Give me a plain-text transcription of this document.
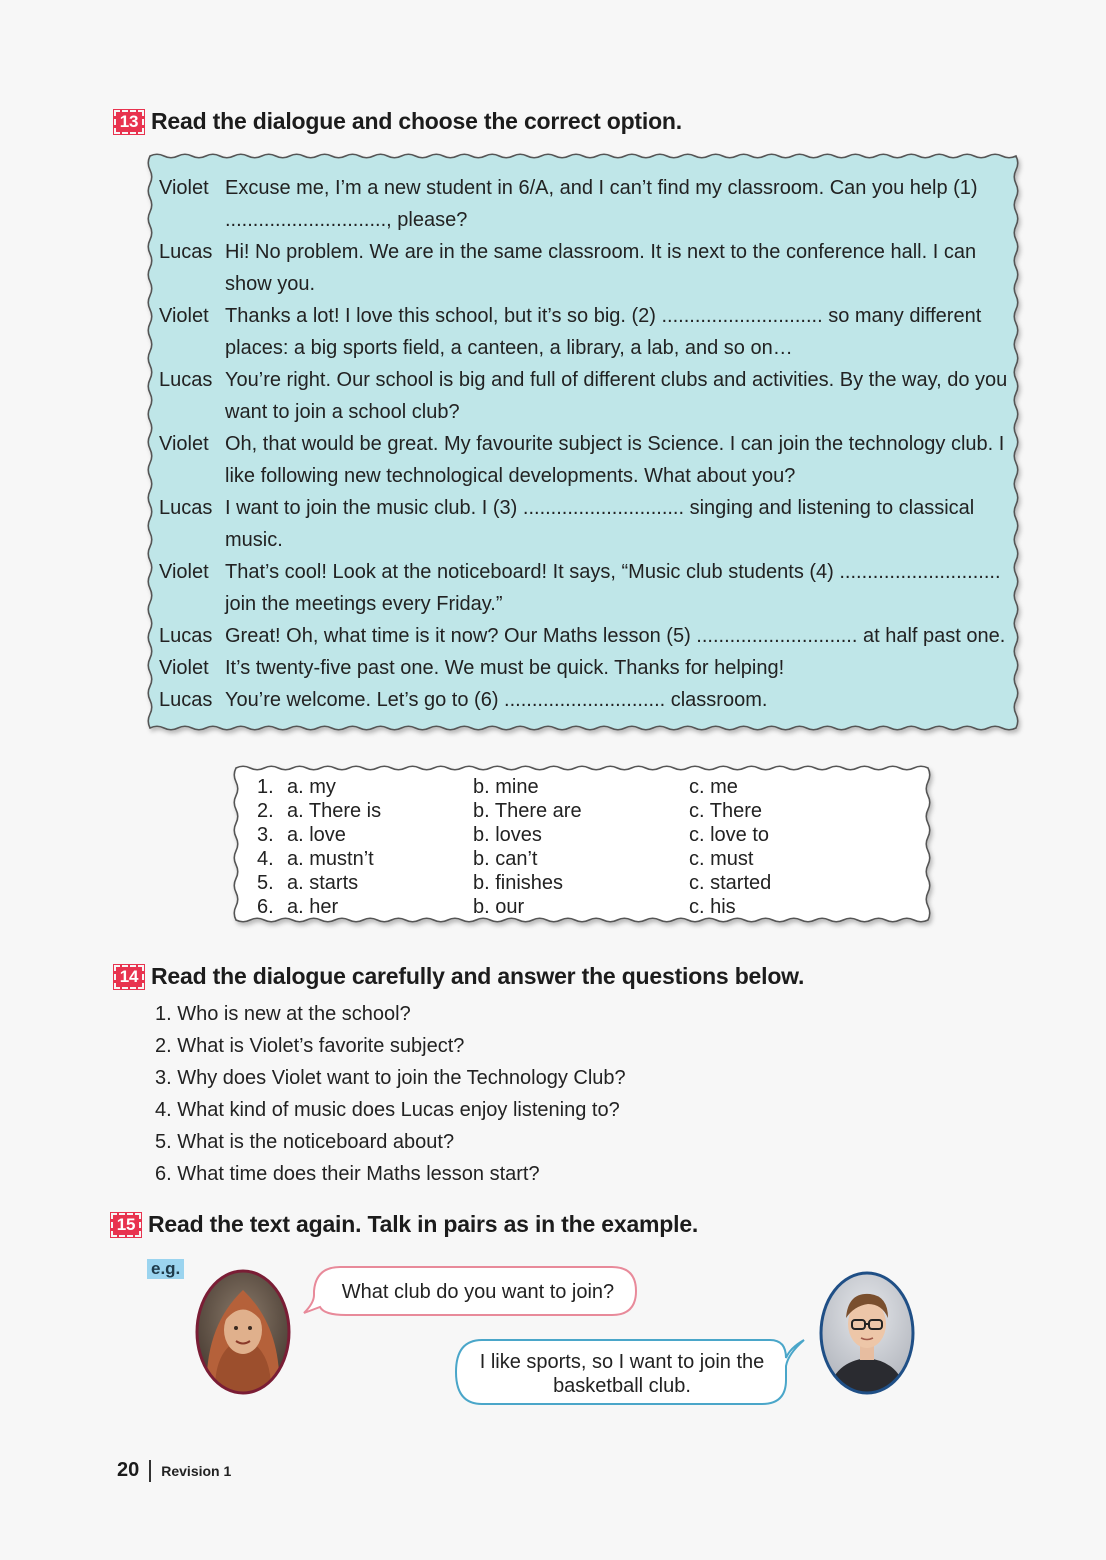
13 Read the dialogue and choose the correct option.
Violet Excuse me, I’m a new student in 6/A, and I can’t find my classroom. Can you help (1) ............................., please?
Lucas Hi! No problem. We are in the same classroom. It is next to the conference hall. I can show you.
Violet Thanks a lot! I love this school, but it’s so big. (2) ............................. so many different places: a big sports field, a canteen, a library, a lab, and so on…
Lucas You’re right. Our school is big and full of different clubs and activities. By the way, do you want to join a school club?
Violet Oh, that would be great. My favourite subject is Science. I can join the technology club. I like following new technological developments. What about you?
Lucas I want to join the music club. I (3) ............................. singing and listening to classical music.
Violet That’s cool! Look at the noticeboard! It says, “Music club students (4) ............................. join the meetings every Friday.”
Lucas Great! Oh, what time is it now? Our Maths lesson (5) ............................. at half past one.
Violet It’s twenty-five past one. We must be quick. Thanks for helping!
Lucas You’re welcome. Let’s go to (6) ............................. classroom.
1. a. my	b. mine	c. me
2. a. There is	b. There are	c. There
3. a. love	b. loves	c. love to
4. a. mustn’t	b. can’t	c. must
5. a. starts	b. finishes	c. started
6. a. her	b. our	c. his
14 Read the dialogue carefully and answer the questions below.
1. Who is new at the school?
2. What is Violet’s favorite subject?
3. Why does Violet want to join the Technology Club?
4. What kind of music does Lucas enjoy listening to?
5. What is the noticeboard about?
6. What time does their Maths lesson start?
15 Read the text again. Talk in pairs as in the example.
e.g.
What club do you want to join?
I like sports, so I want to join the basketball club.
20 Revision 1
